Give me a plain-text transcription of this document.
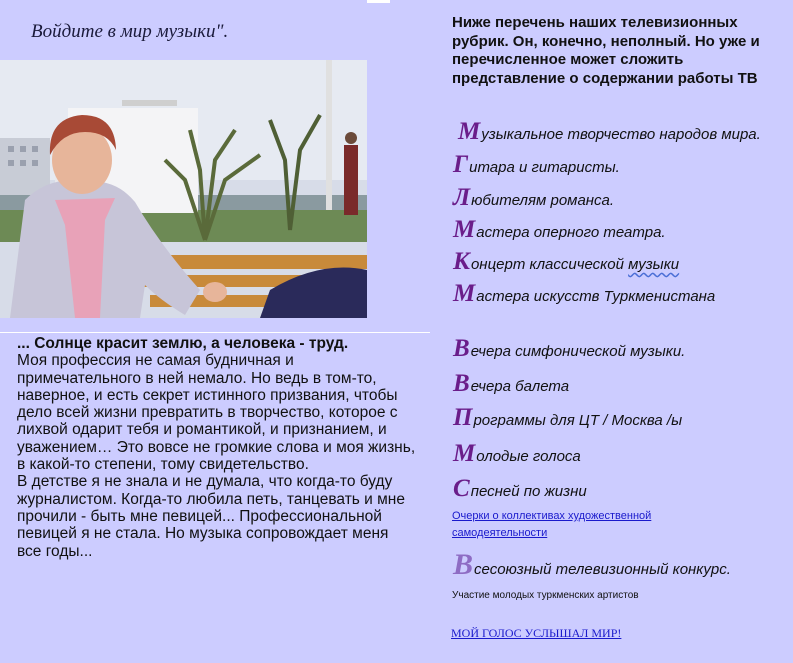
Войдите в мир музыки".
... Солнце красит землю, а человека - труд.
Моя профессия не самая будничная и примечательного в ней немало. Но ведь в том-то, наверное, и есть секрет истинного призвания, чтобы дело всей жизни превратить в творчество, которое с лихвой одарит тебя и романтикой, и признанием, и уважением… Это вовсе не громкие слова и моя жизнь, в какой-то степени, тому свидетельство.
В детстве я не знала и не думала, что когда-то буду журналистом. Когда-то любила петь, танцевать и мне прочили - быть мне певицей... Профессиональной певицей я не стала. Но музыка сопровождает меня все годы...
Ниже перечень наших телевизионных рубрик. Он, конечно, неполный. Но уже и перечисленное может сложить представление о содержании работы ТВ
Музыкальное творчество народов мира.
Гитара и гитаристы.
Любителям романса.
Мастера оперного театра.
Концерт классической музыки
Мастера искусств Туркменистана
Вечера симфонической музыки.
Вечера балета
Программы для ЦТ / Москва /ы
Молодые голоса
Спесней по жизни
Очерки о коллективах художественной самодеятельности
Всесоюзный телевизионный конкурс.
Участие молодых туркменских артистов
МОЙ ГОЛОС УСЛЫШАЛ МИР!
